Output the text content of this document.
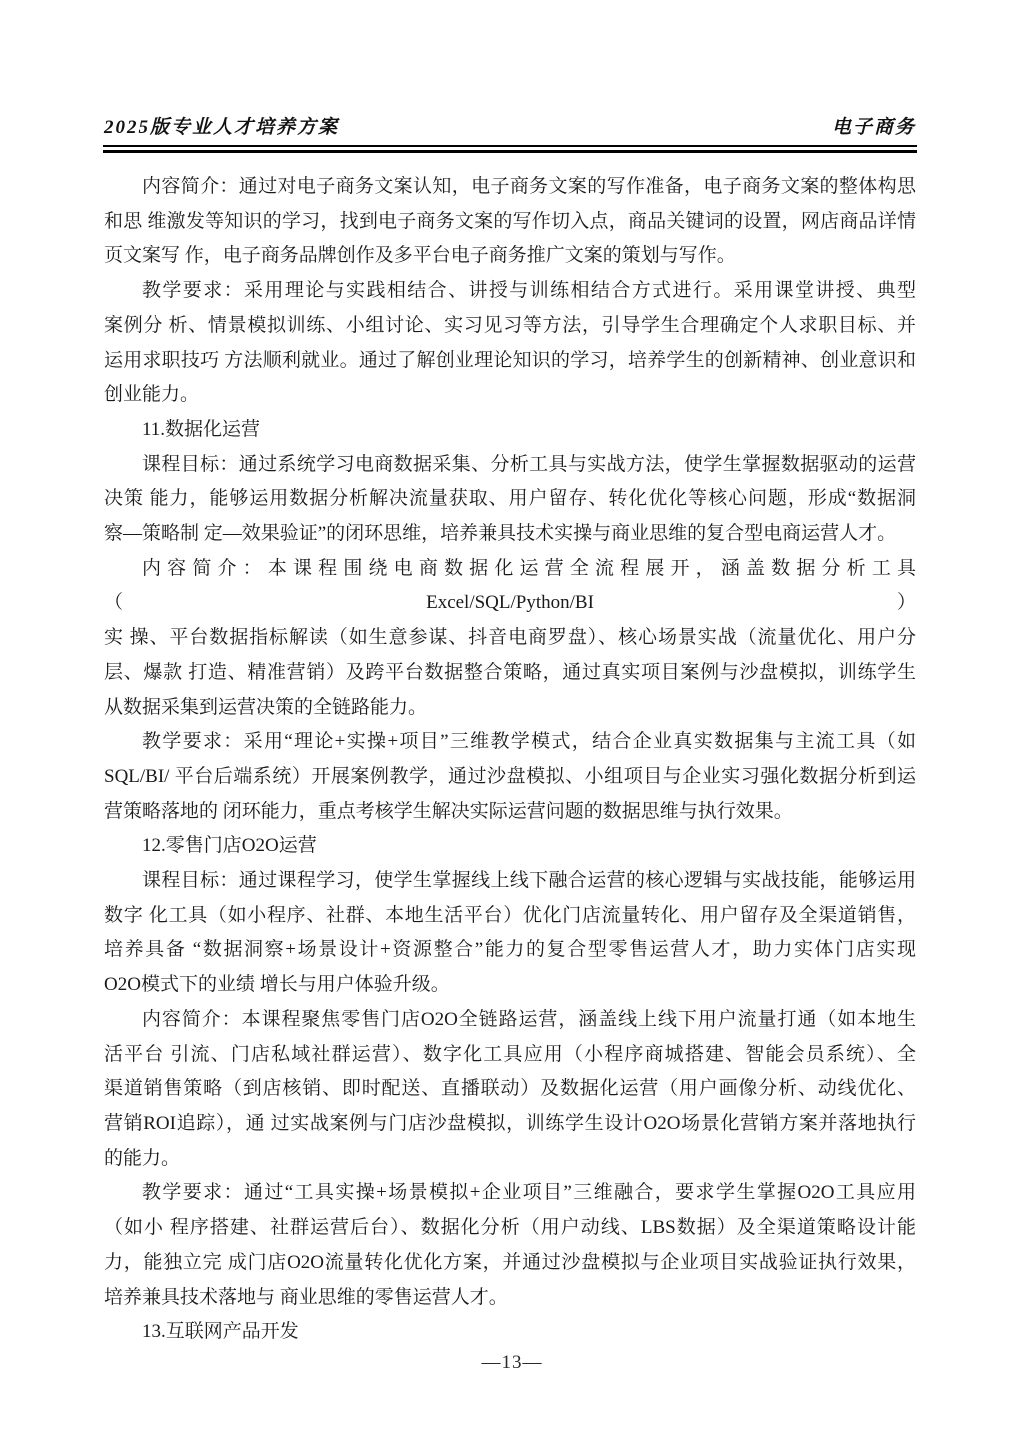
2025版专业人才培养方案	电子商务
内容简介：通过对电子商务文案认知，电子商务文案的写作准备，电子商务文案的整体构思
和思 维激发等知识的学习，找到电子商务文案的写作切入点，商品关键词的设置，网店商品详情
页文案写 作，电子商务品牌创作及多平台电子商务推广文案的策划与写作。
教学要求：采用理论与实践相结合、讲授与训练相结合方式进行。采用课堂讲授、典型
案例分 析、情景模拟训练、小组讨论、实习见习等方法，引导学生合理确定个人求职目标、并
运用求职技巧 方法顺利就业。通过了解创业理论知识的学习，培养学生的创新精神、创业意识和
创业能力。
11.数据化运营
课程目标：通过系统学习电商数据采集、分析工具与实战方法，使学生掌握数据驱动的运营
决策 能力，能够运用数据分析解决流量获取、用户留存、转化优化等核心问题，形成“数据洞
察—策略制 定—效果验证”的闭环思维，培养兼具技术实操与商业思维的复合型电商运营人才。
内容简介：本课程围绕电商数据化运营全流程展开，涵盖数据分析工具（Excel/SQL/Python/BI）
实 操、平台数据指标解读（如生意参谋、抖音电商罗盘）、核心场景实战（流量优化、用户分
层、爆款 打造、精准营销）及跨平台数据整合策略，通过真实项目案例与沙盘模拟，训练学生
从数据采集到运营决策的全链路能力。
教学要求：采用“理论+实操+项目”三维教学模式，结合企业真实数据集与主流工具（如
SQL/BI/ 平台后端系统）开展案例教学，通过沙盘模拟、小组项目与企业实习强化数据分析到运
营策略落地的 闭环能力，重点考核学生解决实际运营问题的数据思维与执行效果。
12.零售门店O2O运营
课程目标：通过课程学习，使学生掌握线上线下融合运营的核心逻辑与实战技能，能够运用
数字 化工具（如小程序、社群、本地生活平台）优化门店流量转化、用户留存及全渠道销售，
培养具备 “数据洞察+场景设计+资源整合”能力的复合型零售运营人才，助力实体门店实现
O2O模式下的业绩 增长与用户体验升级。
内容简介：本课程聚焦零售门店O2O全链路运营，涵盖线上线下用户流量打通（如本地生
活平台 引流、门店私域社群运营）、数字化工具应用（小程序商城搭建、智能会员系统）、全
渠道销售策略（到店核销、即时配送、直播联动）及数据化运营（用户画像分析、动线优化、
营销ROI追踪），通 过实战案例与门店沙盘模拟，训练学生设计O2O场景化营销方案并落地执行
的能力。
教学要求：通过“工具实操+场景模拟+企业项目”三维融合，要求学生掌握O2O工具应用
（如小 程序搭建、社群运营后台）、数据化分析（用户动线、LBS数据）及全渠道策略设计能
力，能独立完 成门店O2O流量转化优化方案，并通过沙盘模拟与企业项目实战验证执行效果，
培养兼具技术落地与 商业思维的零售运营人才。
13.互联网产品开发
—13—
